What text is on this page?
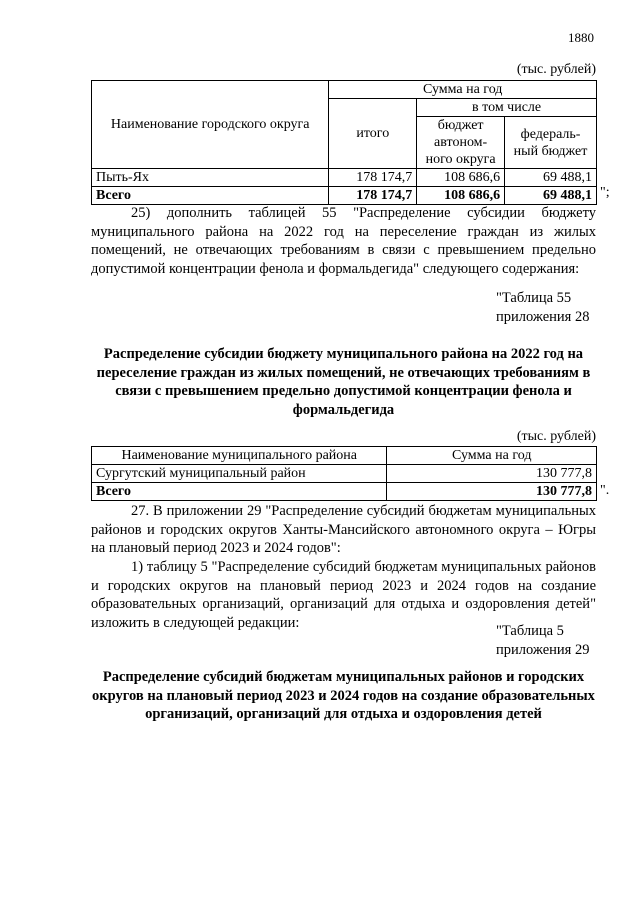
1880
(тыс. рублей)
Наименование городского округа	Сумма на год		
	итого	в том числе	
		бюджет автоном- ного округа	федераль- ный бюджет
Пыть-Ях	178 174,7	108 686,6	69 488,1
Всего	178 174,7	108 686,6	69 488,1 ";

25) дополнить таблицей 55 "Распределение субсидии бюджету муниципального района на 2022 год на переселение граждан из жилых помещений, не отвечающих требованиям в связи с превышением предельно допустимой концентрации фенола и формальдегида" следующего содержания:

"Таблица 55
приложения 28
Распределение субсидии бюджету муниципального района на 2022 год на переселение граждан из жилых помещений, не отвечающих требованиям в связи с превышением предельно допустимой концентрации фенола и формальдегида
(тыс. рублей)
Наименование муниципального района	Сумма на год
Сургутский муниципальный район	130 777,8
Всего	130 777,8 ".

27. В приложении 29 "Распределение субсидий бюджетам муниципальных районов и городских округов Ханты-Мансийского автономного округа – Югры на плановый период 2023 и 2024 годов":

1) таблицу 5 "Распределение субсидий бюджетам муниципальных районов и городских округов на плановый период 2023 и 2024 годов на создание образовательных организаций, организаций для отдыха и оздоровления детей" изложить в следующей редакции:

"Таблица 5
приложения 29
Распределение субсидий бюджетам муниципальных районов и городских округов на плановый период 2023 и 2024 годов на создание образовательных организаций, организаций для отдыха и оздоровления детей
